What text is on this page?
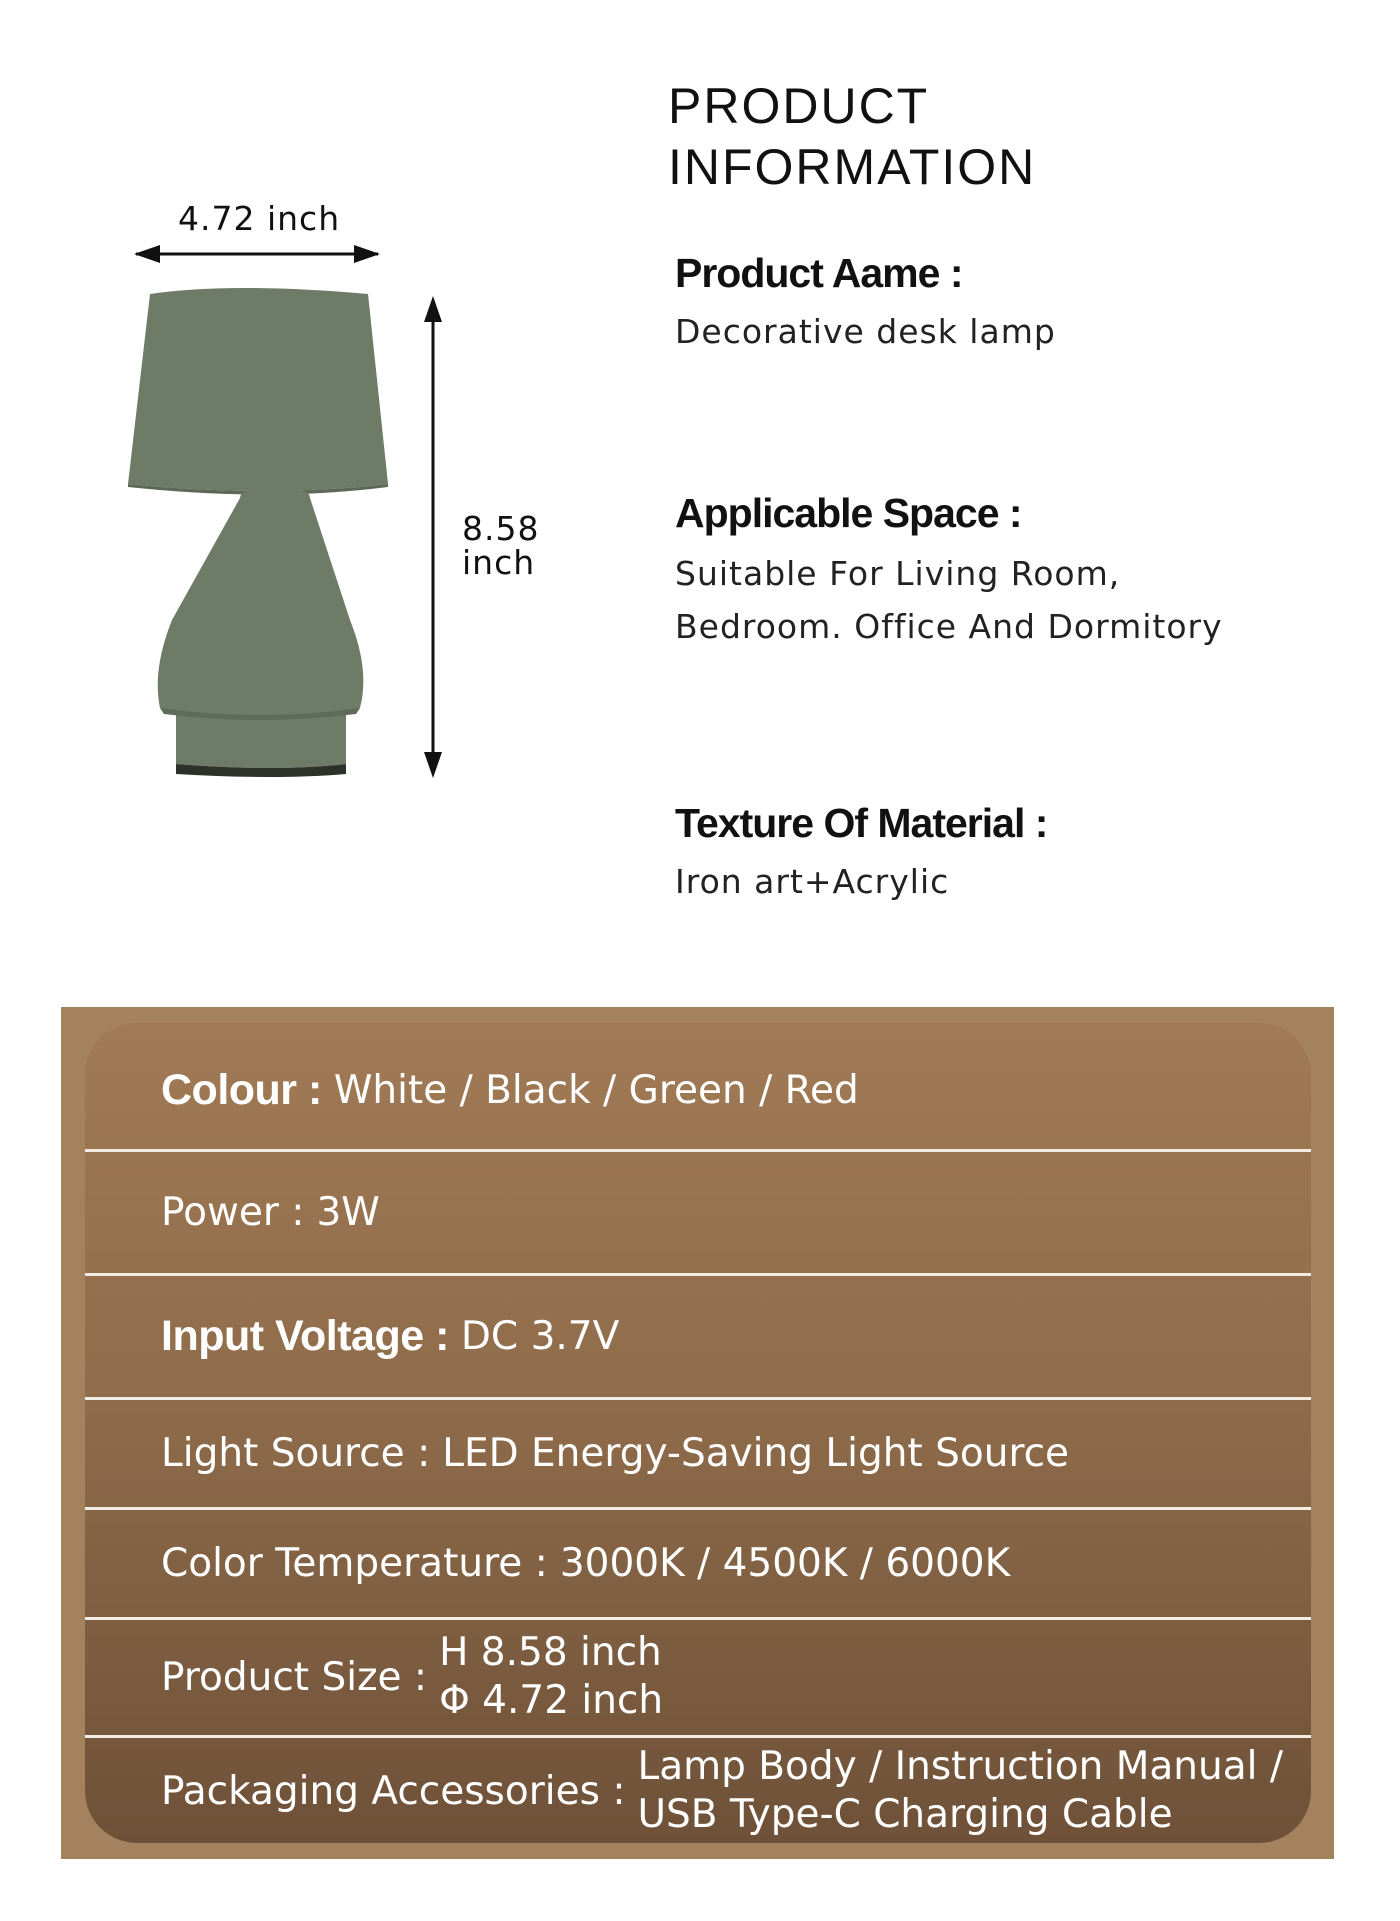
PRODUCT
INFORMATION
4.72 inch
8.58
inch
Product Aame :
Decorative desk lamp
Applicable Space :
Suitable For Living Room,
Bedroom. Office And Dormitory
Texture Of Material :
Iron art+Acrylic
Colour : White / Black / Green / Red
Power : 3W
Input Voltage : DC 3.7V
Light Source : LED Energy-Saving Light Source
Color Temperature : 3000K / 4500K / 6000K
Product Size :
H 8.58 inch
Φ 4.72 inch
Packaging Accessories :
Lamp Body / Instruction Manual /
USB Type-C Charging Cable
